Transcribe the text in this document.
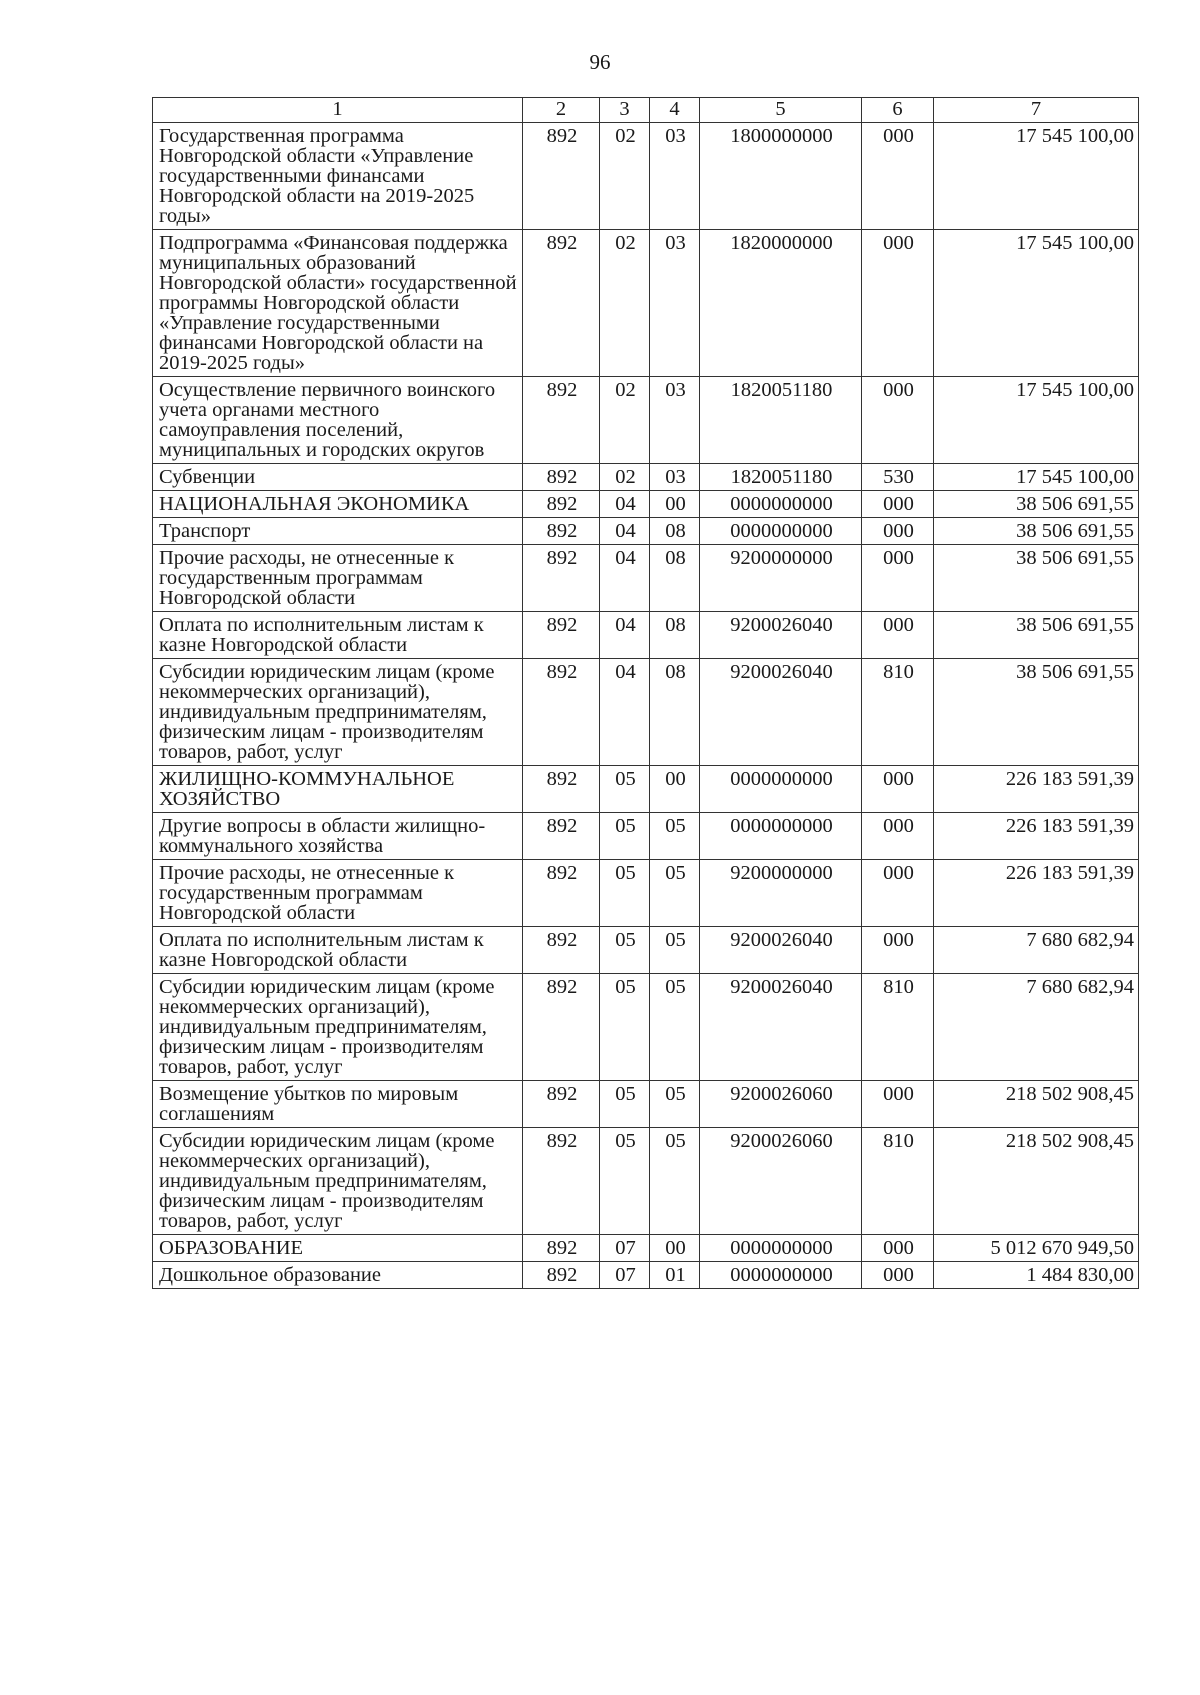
96
1	2	3	4	5	6	7
Государственная программа Новгородской области «Управление государственными финансами Новгородской области на 2019-2025 годы»	892	02	03	1800000000	000	17 545 100,00
Подпрограмма «Финансовая поддержка муниципальных образований Новгородской области» государственной программы Новгородской области «Управление государственными финансами Новгородской области на 2019-2025 годы»	892	02	03	1820000000	000	17 545 100,00
Осуществление первичного воинского учета органами местного самоуправления поселений, муниципальных и городских округов	892	02	03	1820051180	000	17 545 100,00
Субвенции	892	02	03	1820051180	530	17 545 100,00
НАЦИОНАЛЬНАЯ ЭКОНОМИКА	892	04	00	0000000000	000	38 506 691,55
Транспорт	892	04	08	0000000000	000	38 506 691,55
Прочие расходы, не отнесенные к государственным программам Новгородской области	892	04	08	9200000000	000	38 506 691,55
Оплата по исполнительным листам к казне Новгородской области	892	04	08	9200026040	000	38 506 691,55
Субсидии юридическим лицам (кроме некоммерческих организаций), индивидуальным предпринимателям, физическим лицам - производителям товаров, работ, услуг	892	04	08	9200026040	810	38 506 691,55
ЖИЛИЩНО-КОММУНАЛЬНОЕ ХОЗЯЙСТВО	892	05	00	0000000000	000	226 183 591,39
Другие вопросы в области жилищно-коммунального хозяйства	892	05	05	0000000000	000	226 183 591,39
Прочие расходы, не отнесенные к государственным программам Новгородской области	892	05	05	9200000000	000	226 183 591,39
Оплата по исполнительным листам к казне Новгородской области	892	05	05	9200026040	000	7 680 682,94
Субсидии юридическим лицам (кроме некоммерческих организаций), индивидуальным предпринимателям, физическим лицам - производителям товаров, работ, услуг	892	05	05	9200026040	810	7 680 682,94
Возмещение убытков по мировым соглашениям	892	05	05	9200026060	000	218 502 908,45
Субсидии юридическим лицам (кроме некоммерческих организаций), индивидуальным предпринимателям, физическим лицам - производителям товаров, работ, услуг	892	05	05	9200026060	810	218 502 908,45
ОБРАЗОВАНИЕ	892	07	00	0000000000	000	5 012 670 949,50
Дошкольное образование	892	07	01	0000000000	000	1 484 830,00
